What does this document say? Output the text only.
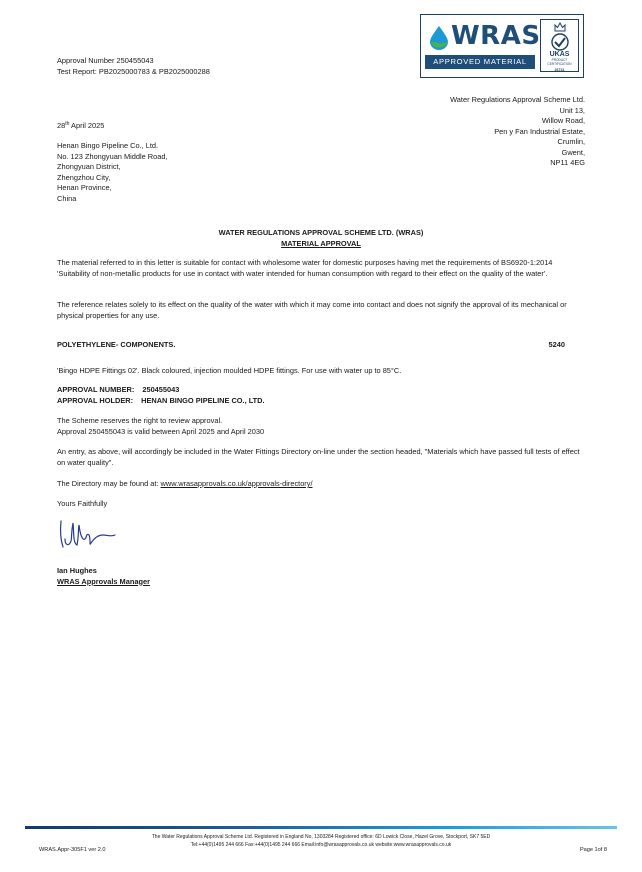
Approval Number 250455043
Test Report: PB2025000783 & PB2025000288
WRAS
APPROVED MATERIAL
UKAS
PRODUCT CERTIFICATION
26741
Water Regulations Approval Scheme Ltd.
Unit 13,
Willow Road,
Pen y Fan Industrial Estate,
Crumlin,
Gwent,
NP11 4EG
28th April 2025
Henan Bingo Pipeline Co., Ltd.
No. 123 Zhongyuan Middle Road,
Zhongyuan District,
Zhengzhou City,
Henan Province,
China
WATER REGULATIONS APPROVAL SCHEME LTD. (WRAS)
MATERIAL APPROVAL
The material referred to in this letter is suitable for contact with wholesome water for domestic purposes having met the requirements of BS6920-1:2014 'Suitability of non-metallic products for use in contact with water intended for human consumption with regard to their effect on the quality of the water'.
The reference relates solely to its effect on the quality of the water with which it may come into contact and does not signify the approval of its mechanical or physical properties for any use.
POLYETHYLENE- COMPONENTS.	5240
'Bingo HDPE Fittings 02'. Black coloured, injection moulded HDPE fittings. For use with water up to 85°C.
APPROVAL NUMBER: 250455043
APPROVAL HOLDER: HENAN BINGO PIPELINE CO., LTD.
The Scheme reserves the right to review approval.
Approval 250455043 is valid between April 2025 and April 2030
An entry, as above, will accordingly be included in the Water Fittings Directory on-line under the section headed, "Materials which have passed full tests of effect on water quality".
The Directory may be found at: www.wrasapprovals.co.uk/approvals-directory/
Yours Faithfully
Ian Hughes
WRAS Approvals Manager
The Water Regulations Approval Scheme Ltd. Registered in England No, 1303284 Registered office: 6D Lowick Close, Hazel Grove, Stockport, SK7 5ED
Tel:+44(0)1495 244 666 Fax:+44(0)1495 244 666 Email:info@wrasapprovals.co.uk website:www.wrasapprovals.co.uk
WRAS.Appr-305F1 ver 2.0	Page 1of 8
